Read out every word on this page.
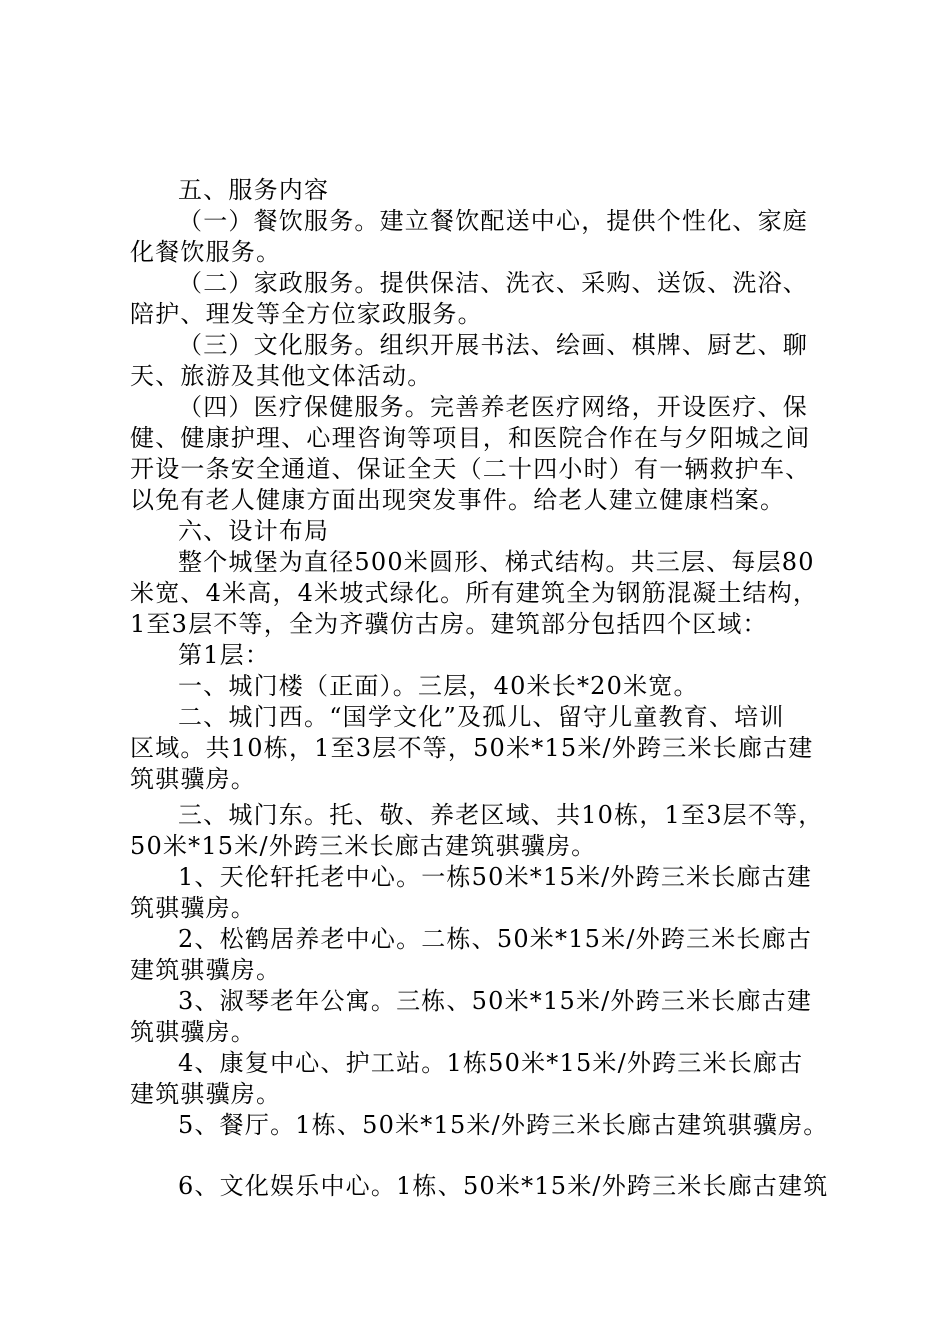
五、服务内容
（一）餐饮服务。建立餐饮配送中心，提供个性化、家庭
化餐饮服务。
（二）家政服务。提供保洁、洗衣、采购、送饭、洗浴、
陪护、理发等全方位家政服务。
（三）文化服务。组织开展书法、绘画、棋牌、厨艺、聊
天、旅游及其他文体活动。
（四）医疗保健服务。完善养老医疗网络，开设医疗、保
健、健康护理、心理咨询等项目，和医院合作在与夕阳城之间
开设一条安全通道、保证全天（二十四小时）有一辆救护车、
以免有老人健康方面出现突发事件。给老人建立健康档案。
六、设计布局
整个城堡为直径500米圆形、梯式结构。共三层、每层80
米宽、4米高，4米坡式绿化。所有建筑全为钢筋混凝土结构，
1至3层不等，全为齐骥仿古房。建筑部分包括四个区域：
第1层：
一、城门楼（正面）。三层，40米长*20米宽。
二、城门西。“国学文化”及孤儿、留守儿童教育、培训
区域。共10栋，1至3层不等，50米*15米/外跨三米长廊古建
筑骐骥房。
三、城门东。托、敬、养老区域、共10栋，1至3层不等，
50米*15米/外跨三米长廊古建筑骐骥房。
1、天伦轩托老中心。一栋50米*15米/外跨三米长廊古建
筑骐骥房。
2、松鹤居养老中心。二栋、50米*15米/外跨三米长廊古
建筑骐骥房。
3、淑琴老年公寓。三栋、50米*15米/外跨三米长廊古建
筑骐骥房。
4、康复中心、护工站。1栋50米*15米/外跨三米长廊古
建筑骐骥房。
5、餐厅。1栋、50米*15米/外跨三米长廊古建筑骐骥房。
6、文化娱乐中心。1栋、50米*15米/外跨三米长廊古建筑
